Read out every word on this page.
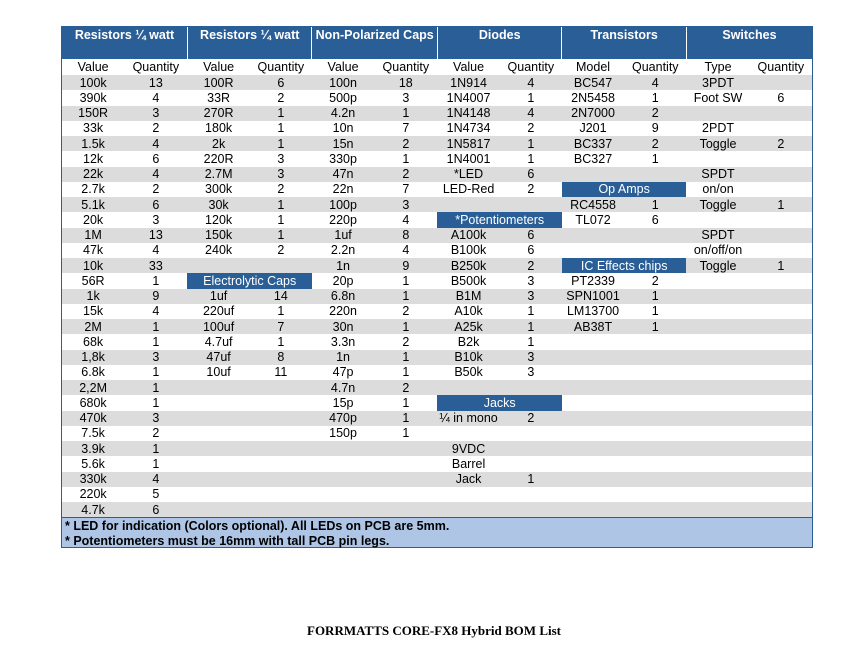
Resistors ¼ watt		Resistors ¼ watt		Non-Polarized Caps		Diodes		Transistors		Switches	
Value	Quantity	Value	Quantity	Value	Quantity	Value	Quantity	Model	Quantity	Type	Quantity
100k	13	100R	6	100n	18	1N914	4	BC547	4	3PDT	
390k	4	33R	2	500p	3	1N4007	1	2N5458	1	Foot SW	6
150R	3	270R	1	4.2n	1	1N4148	4	2N7000	2		
33k	2	180k	1	10n	7	1N4734	2	J201	9	2PDT	
1.5k	4	2k	1	15n	2	1N5817	1	BC337	2	Toggle	2
12k	6	220R	3	330p	1	1N4001	1	BC327	1		
22k	4	2.7M	3	47n	2	*LED	6			SPDT	
2.7k	2	300k	2	22n	7	LED-Red	2	Op Amps		on/on	
5.1k	6	30k	1	100p	3			RC4558	1	Toggle	1
20k	3	120k	1	220p	4	*Potentiometers		TL072	6		
1M	13	150k	1	1uf	8	A100k	6			SPDT	
47k	4	240k	2	2.2n	4	B100k	6			on/off/on	
10k	33			1n	9	B250k	2	IC Effects chips		Toggle	1
56R	1	Electrolytic Caps		20p	1	B500k	3	PT2339	2		
1k	9	1uf	14	6.8n	1	B1M	3	SPN1001	1		
15k	4	220uf	1	220n	2	A10k	1	LM13700	1		
2M	1	100uf	7	30n	1	A25k	1	AB38T	1		
68k	1	4.7uf	1	3.3n	2	B2k	1				
1,8k	3	47uf	8	1n	1	B10k	3				
6.8k	1	10uf	11	47p	1	B50k	3				
2,2M	1			4.7n	2						
680k	1			15p	1	Jacks					
470k	3			470p	1	¼ in mono	2				
7.5k	2			150p	1						
3.9k	1					9VDC					
5.6k	1					Barrel					
330k	4					Jack	1				
220k	5										
4.7k	6										
* LED for indication (Colors optional). All LEDs on PCB are 5mm.
* Potentiometers must be 16mm with tall PCB pin legs.
FORRMATTS CORE-FX8 Hybrid BOM List
